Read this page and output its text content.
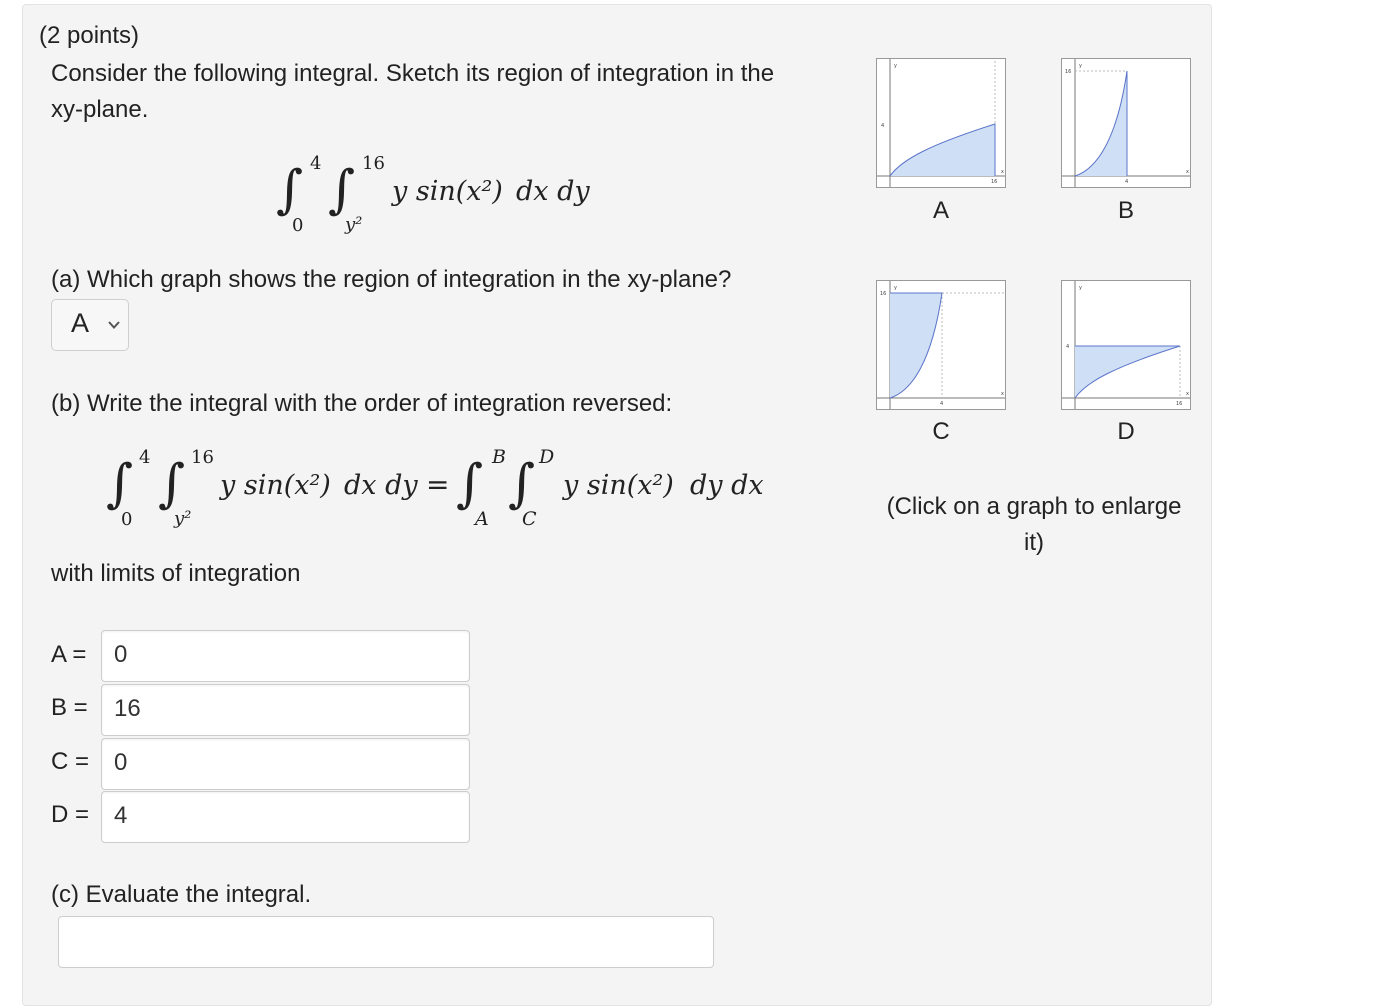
(2 points)
Consider the following integral. Sketch its region of integration in the
xy-plane.
∫ 4
0
∫ 16
y²
y sin(x²) dx dy
(a) Which graph shows the region of integration in the xy-plane?
A
(b) Write the integral with the order of integration reversed:
∫ 4
0
∫ 16
y²
y sin(x²) dx dy = ∫ B
A
∫ D
C
y sin(x²) dy dx
with limits of integration
A = 0
B = 16
C = 0
D = 4
(c) Evaluate the integral.
4
16
y
x
A
16
4
y
x
B
16
4
y
x
C
4
16
y
x
D
(Click on a graph to enlarge
it)
